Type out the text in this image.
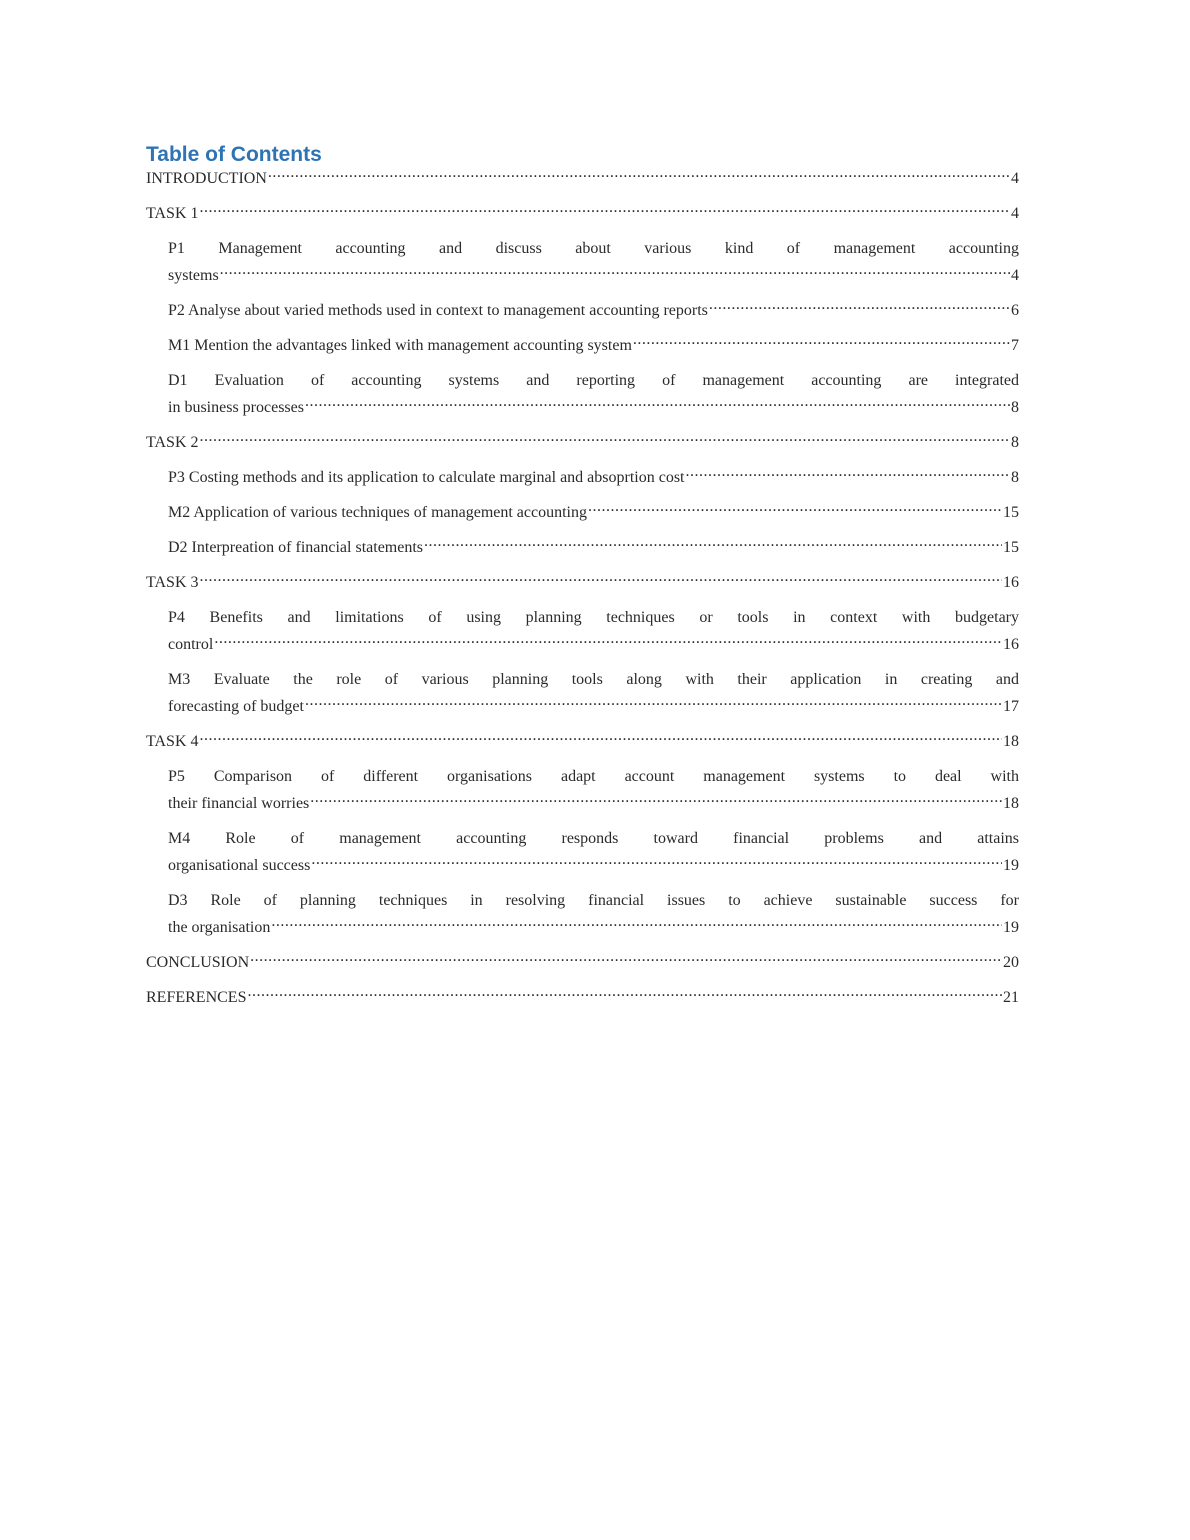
Table of Contents
INTRODUCTION .....	4
TASK 1 .....	4
P1 Management accounting and discuss about various kind of management accounting
systems .....	4
P2 Analyse about varied methods used in context to management accounting reports .....	6
M1 Mention the advantages linked with management accounting system .....	7
D1 Evaluation of accounting systems and reporting of management accounting are integrated
in business processes .....	8
TASK 2 .....	8
P3 Costing methods and its application to calculate marginal and absoprtion cost .....	8
M2 Application of various techniques of management accounting .....	15
D2 Interpreation of financial statements .....	15
TASK 3 .....	16
P4 Benefits and limitations of using planning techniques or tools in context with budgetary
control .....	16
M3 Evaluate the role of various planning tools along with their application in creating and
forecasting of budget .....	17
TASK 4 .....	18
P5 Comparison of different organisations adapt account management systems to deal with
their financial worries .....	18
M4 Role of management accounting responds toward financial problems and attains
organisational success .....	19
D3 Role of planning techniques in resolving financial issues to achieve sustainable success for
the organisation .....	19
CONCLUSION .....	20
REFERENCES .....	21
